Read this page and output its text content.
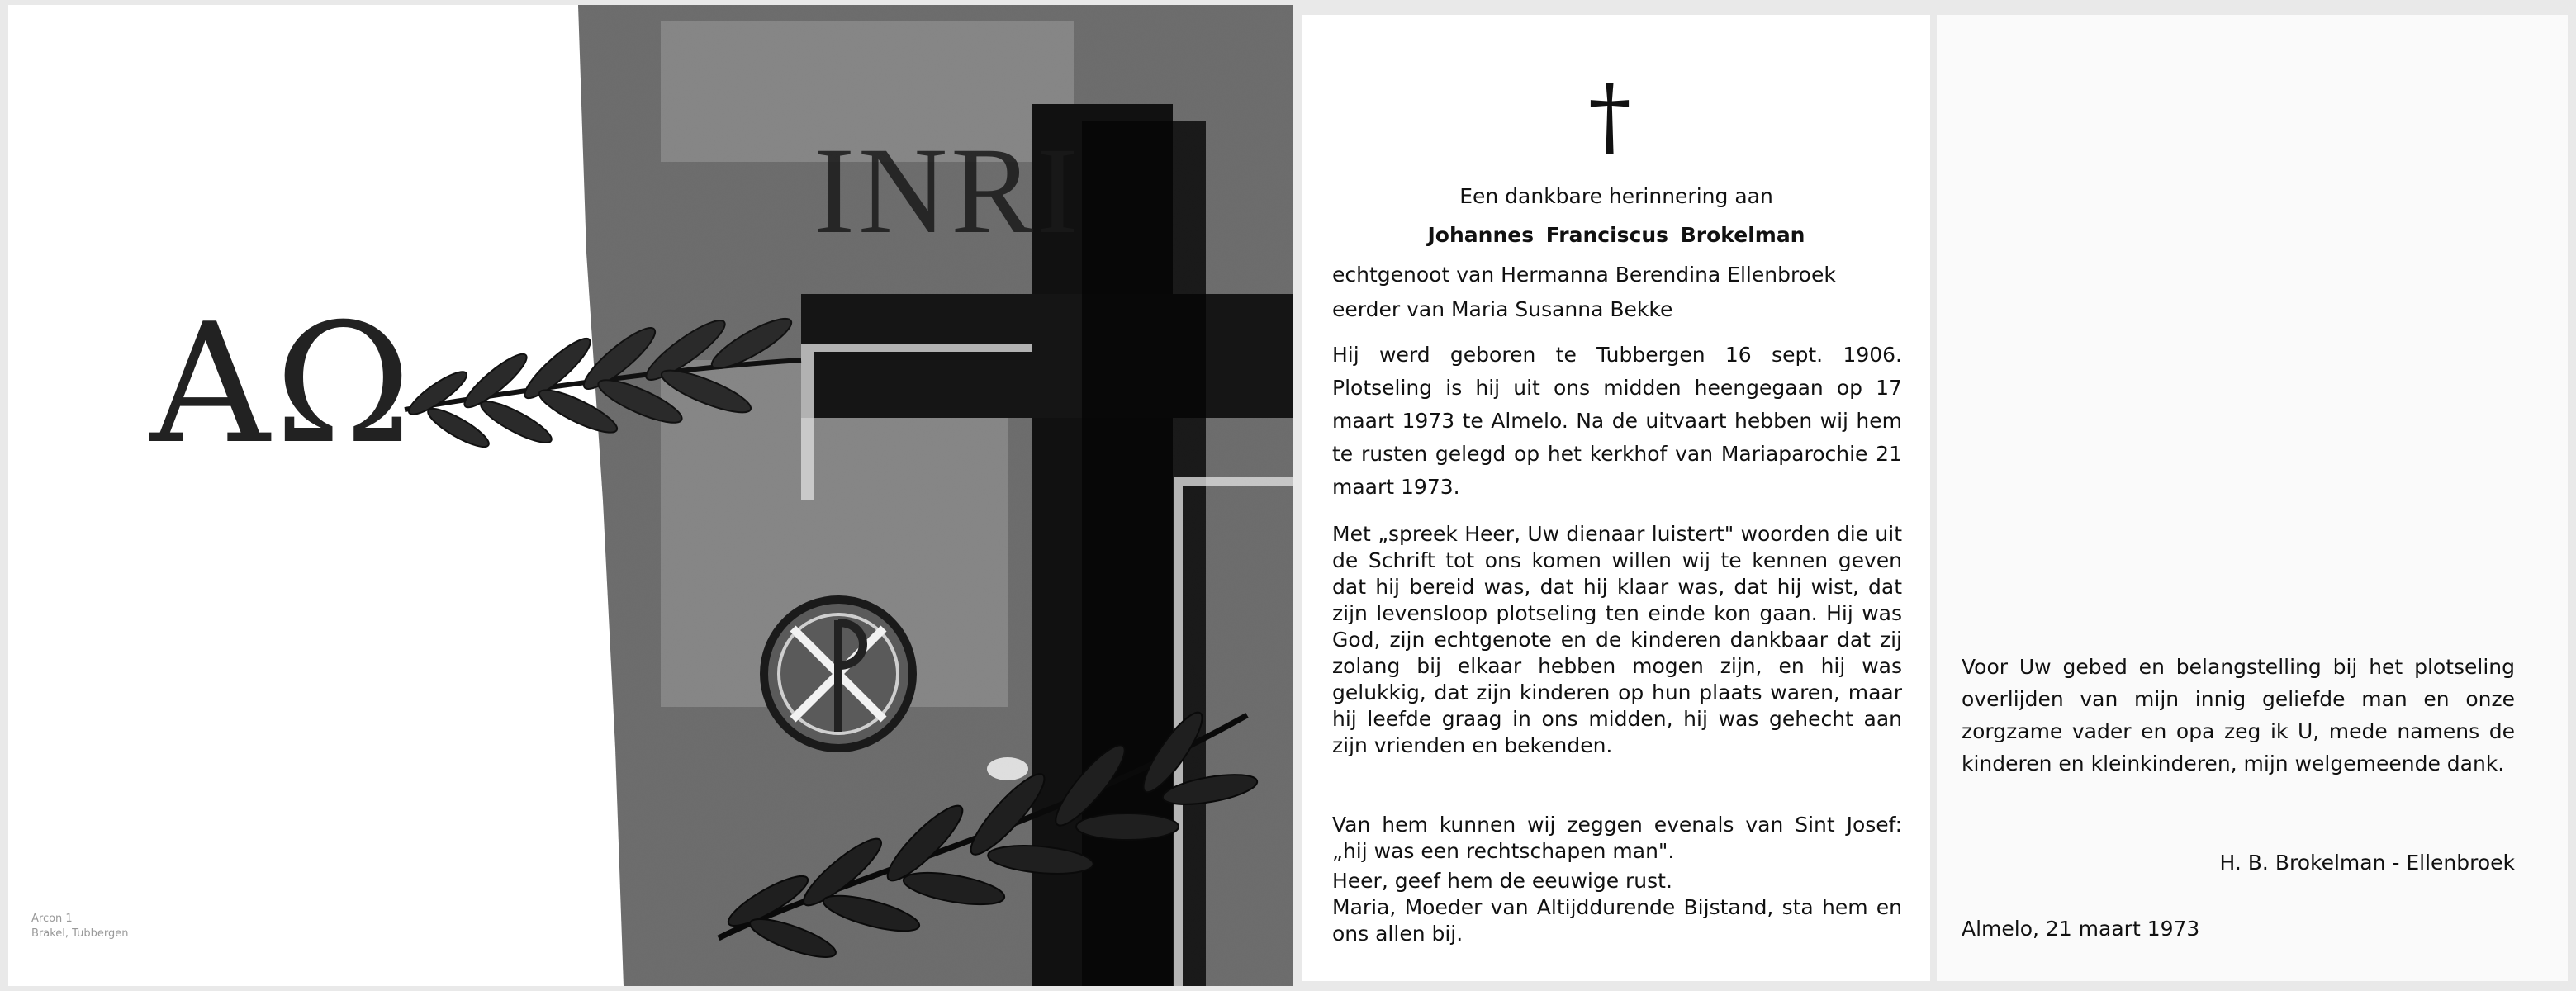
INRI
AΩ
Arcon 1
Brakel, Tubbergen
†
Een dankbare herinnering aan
Johannes Franciscus Brokelman
echtgenoot van Hermanna Berendina Ellenbroek
eerder van Maria Susanna Bekke
Hij werd geboren te Tubbergen 16 sept. 1906. Plotseling is hij uit ons midden heengegaan op 17 maart 1973 te Almelo. Na de uitvaart hebben wij hem te rusten gelegd op het kerkhof van Mariaparochie 21 maart 1973.
Met „spreek Heer, Uw dienaar luistert" woorden die uit de Schrift tot ons komen willen wij te kennen geven dat hij bereid was, dat hij klaar was, dat hij wist, dat zijn levensloop plotseling ten einde kon gaan. Hij was God, zijn echtgenote en de kinderen dankbaar dat zij zolang bij elkaar hebben mogen zijn, en hij was gelukkig, dat zijn kinderen op hun plaats waren, maar hij leefde graag in ons midden, hij was gehecht aan zijn vrienden en bekenden.
Van hem kunnen wij zeggen evenals van Sint Josef: „hij was een rechtschapen man".
Heer, geef hem de eeuwige rust.
Maria, Moeder van Altijddurende Bijstand, sta hem en ons allen bij.
Voor Uw gebed en belangstelling bij het plotseling overlijden van mijn innig geliefde man en onze zorgzame vader en opa zeg ik U, mede namens de kinderen en kleinkinderen, mijn welgemeende dank.
H. B. Brokelman - Ellenbroek
Almelo, 21 maart 1973
